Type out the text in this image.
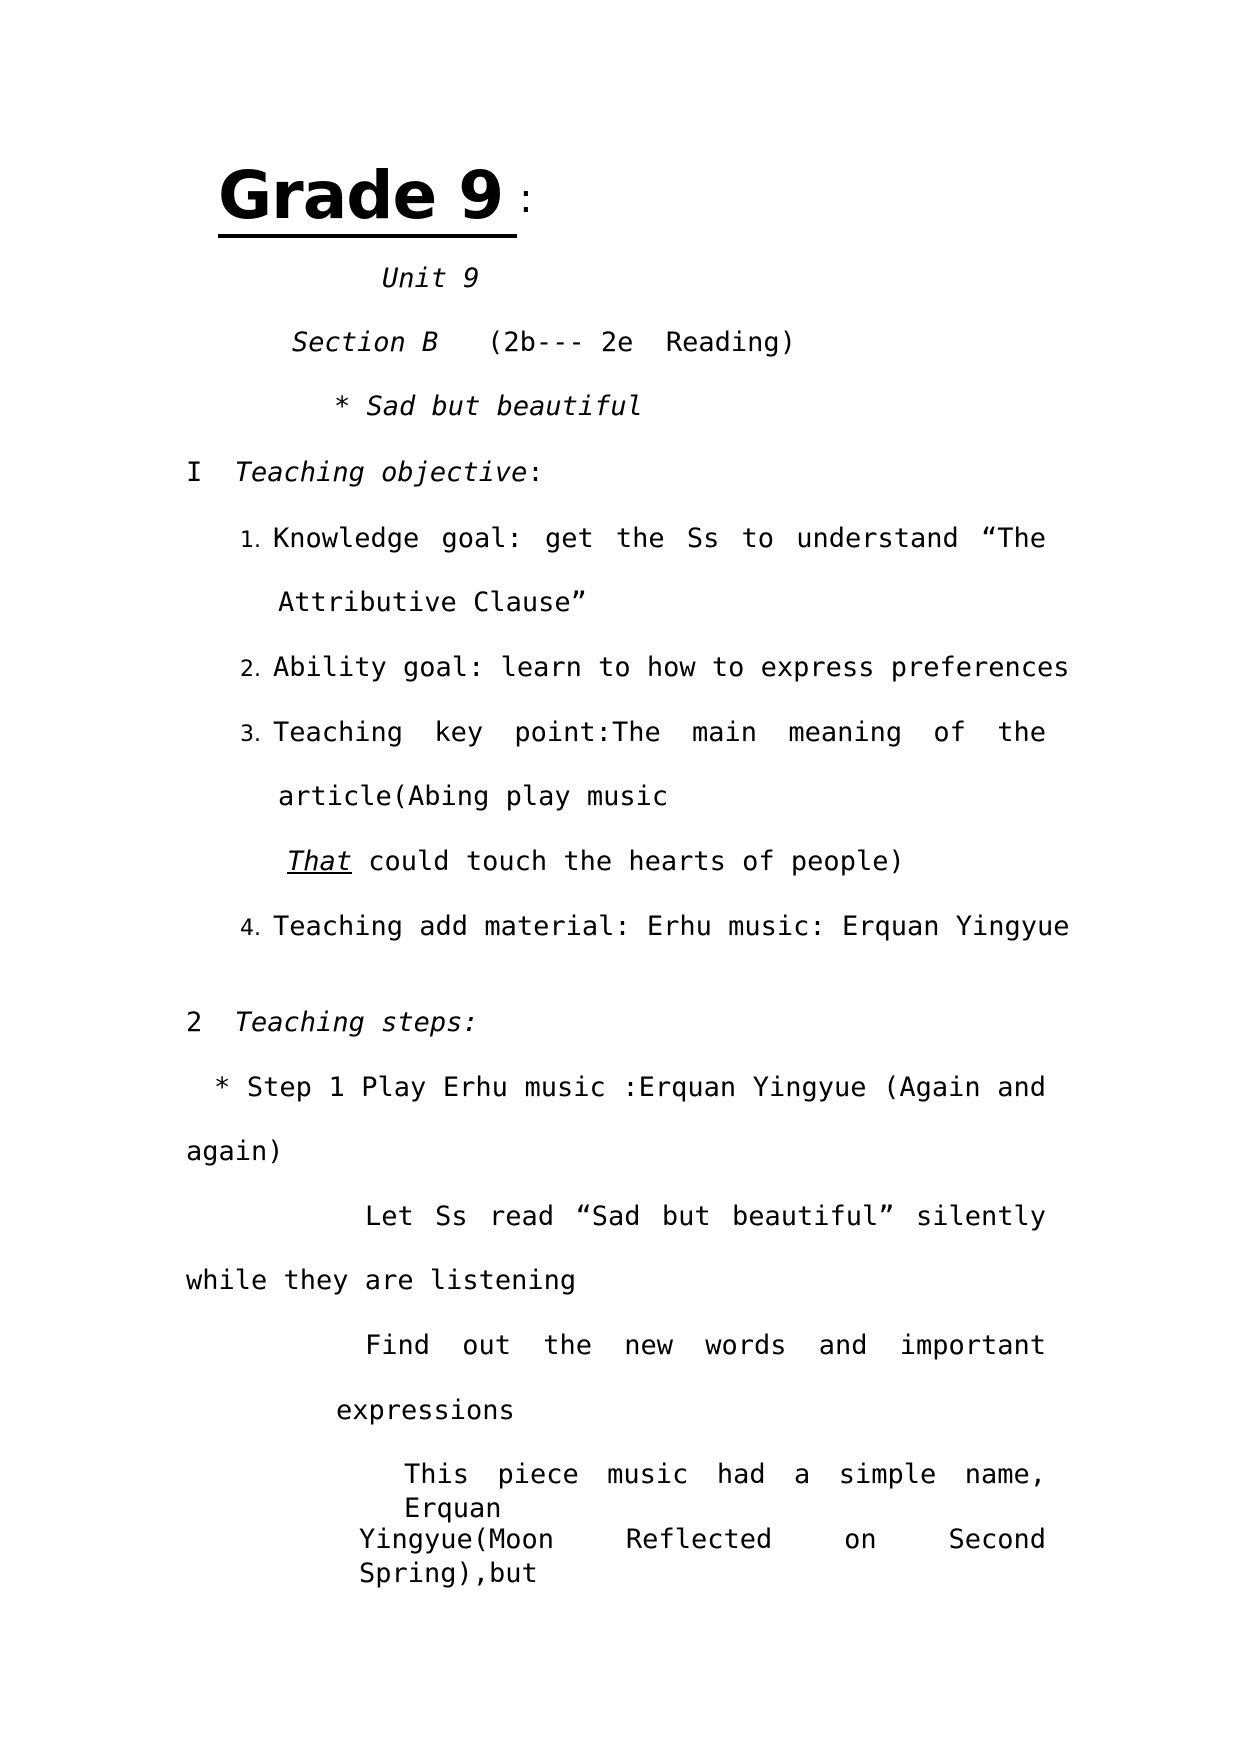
Grade 9 :
Unit 9
Section B (2b--- 2e  Reading)
* Sad but beautiful
I Teaching objective:
1. Knowledge goal: get the Ss to understand “The
Attributive Clause”
2. Ability goal: learn to how to express preferences
3. Teaching key point:The main meaning of the
article(Abing play music
That could touch the hearts of people)
4. Teaching add material: Erhu music: Erquan Yingyue
2 Teaching steps:
* Step 1 Play Erhu music :Erquan Yingyue (Again and
again)
Let Ss read “Sad but beautiful” silently
while they are listening
Find out the new words and important
expressions
This piece music had a simple name, Erquan
Yingyue(Moon Reflected on Second Spring),but
